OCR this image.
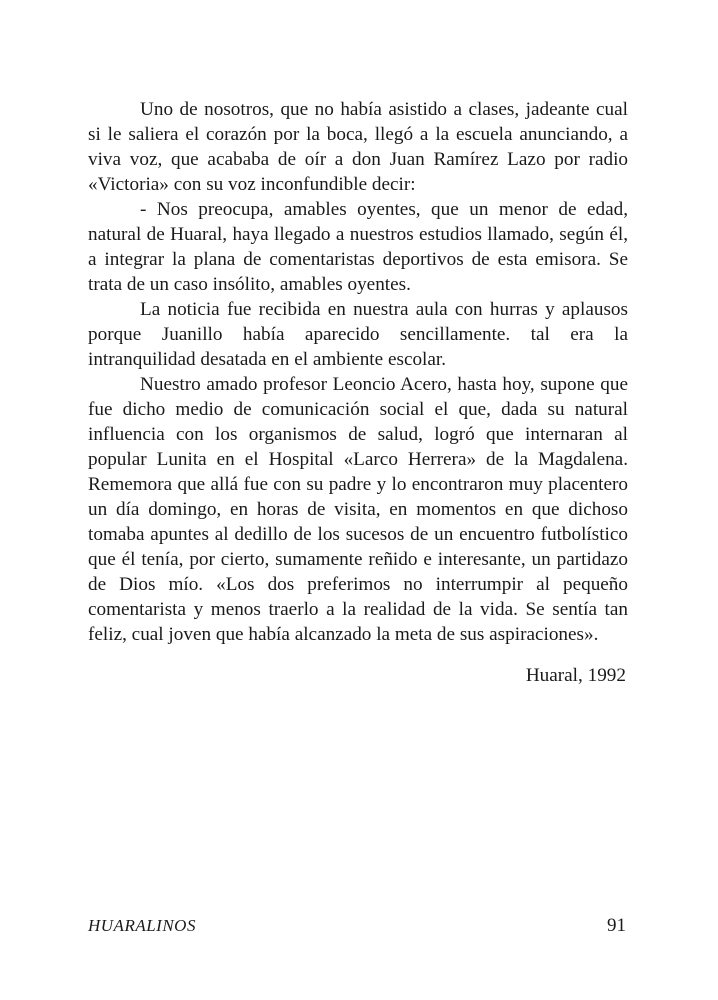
Uno de nosotros, que no había asistido a clases, jadeante cual si le saliera el corazón por la boca, llegó a la escuela anunciando, a viva voz, que acababa de oír a don Juan Ramírez Lazo por radio «Victoria» con su voz inconfundible decir:

- Nos preocupa, amables oyentes, que un menor de edad, natural de Huaral, haya llegado a nuestros estudios llamado, según él, a integrar la plana de comentaristas deportivos de esta emisora. Se trata de un caso insólito, amables oyentes.

La noticia fue recibida en nuestra aula con hurras y aplausos porque Juanillo había aparecido sencillamente. tal era la intranquilidad desatada en el ambiente escolar.

Nuestro amado profesor Leoncio Acero, hasta hoy, supone que fue dicho medio de comunicación social el que, dada su natural influencia con los organismos de salud, logró que internaran al popular Lunita en el Hospital «Larco Herrera» de la Magdalena. Rememora que allá fue con su padre y lo encontraron muy placentero un día domingo, en horas de visita, en momentos en que dichoso tomaba apuntes al dedillo de los sucesos de un encuentro futbolístico que él tenía, por cierto, sumamente reñido e interesante, un partidazo de Dios mío. «Los dos preferimos no interrumpir al pequeño comentarista y menos traerlo a la realidad de la vida. Se sentía tan feliz, cual joven que había alcanzado la meta de sus aspiraciones».

Huaral, 1992
HUARALINOS	91
